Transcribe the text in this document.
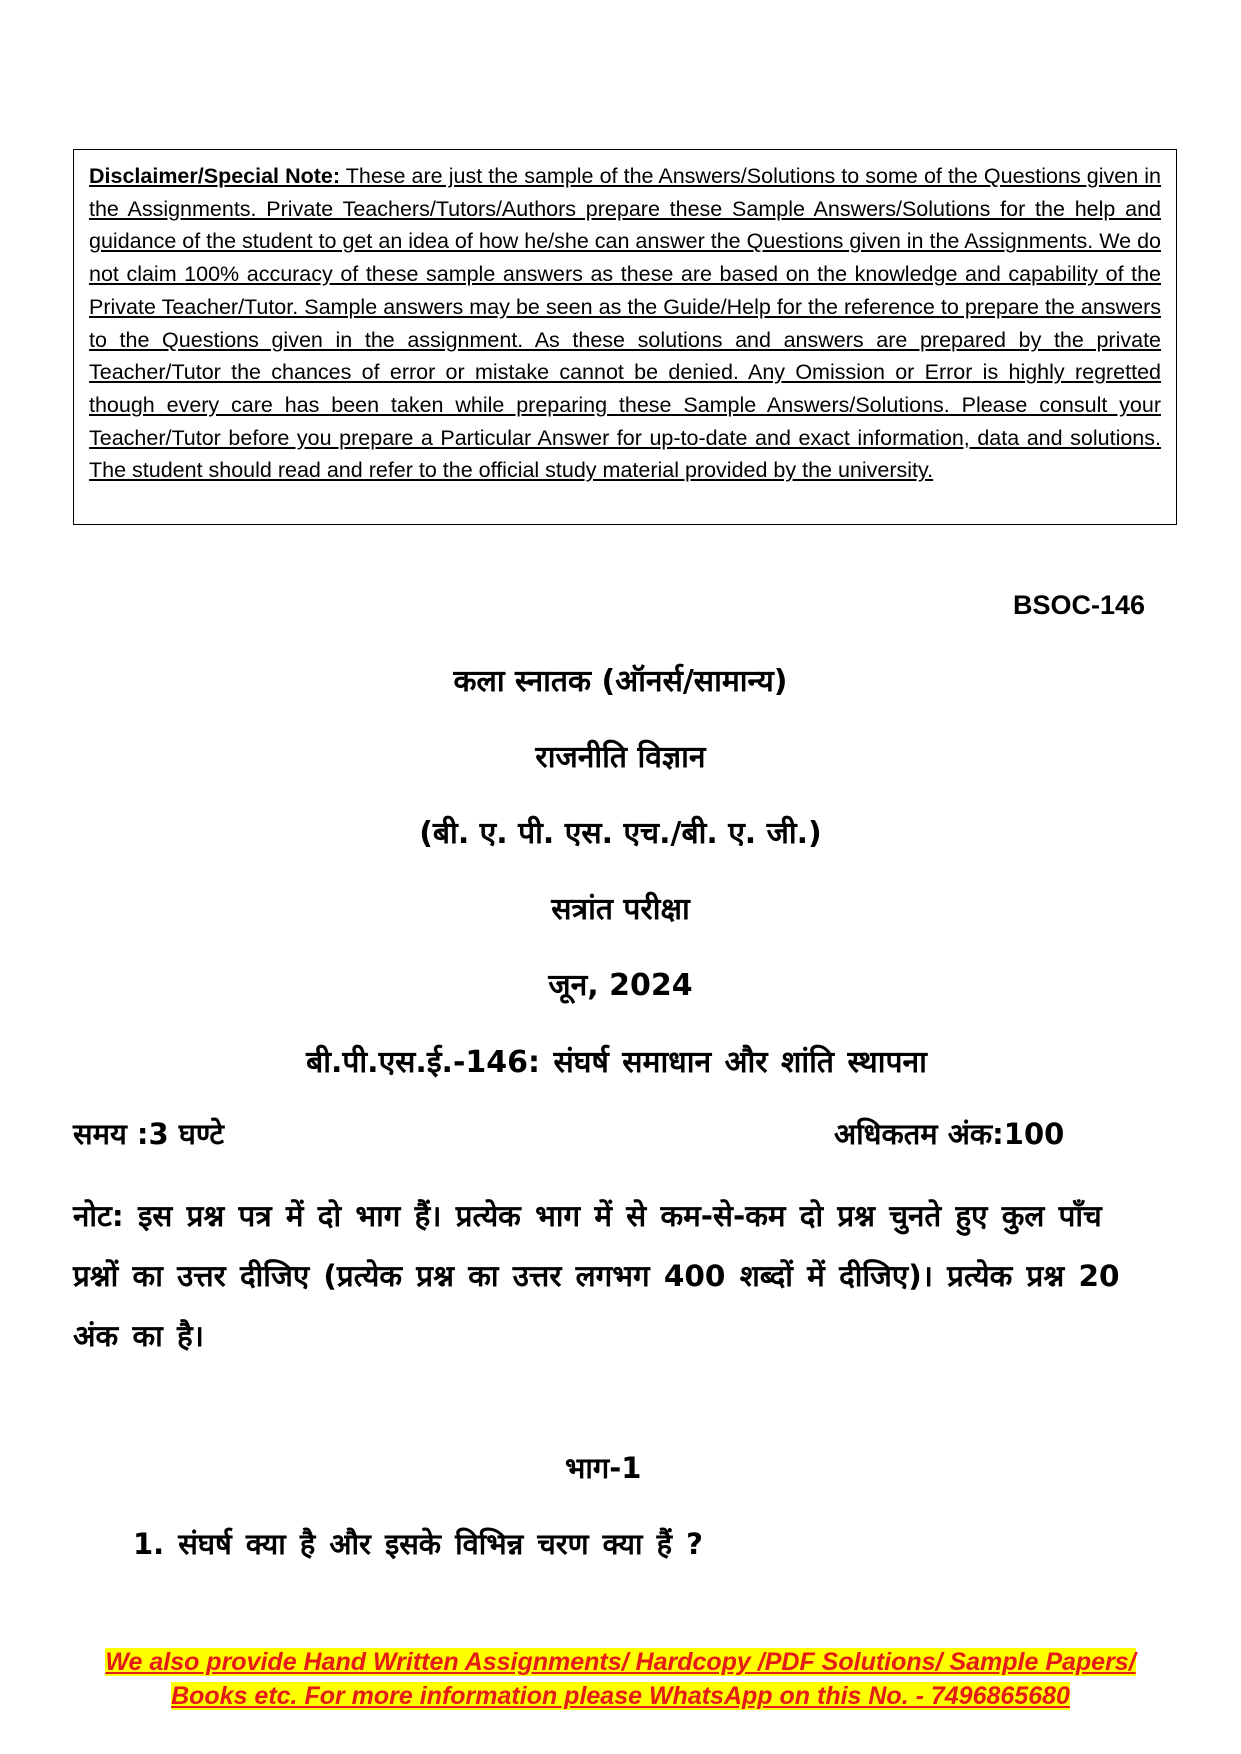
Disclaimer/Special Note: These are just the sample of the Answers/Solutions to some of the Questions given in the Assignments. Private Teachers/Tutors/Authors prepare these Sample Answers/Solutions for the help and guidance of the student to get an idea of how he/she can answer the Questions given in the Assignments. We do not claim 100% accuracy of these sample answers as these are based on the knowledge and capability of the Private Teacher/Tutor. Sample answers may be seen as the Guide/Help for the reference to prepare the answers to the Questions given in the assignment. As these solutions and answers are prepared by the private Teacher/Tutor the chances of error or mistake cannot be denied. Any Omission or Error is highly regretted though every care has been taken while preparing these Sample Answers/Solutions. Please consult your Teacher/Tutor before you prepare a Particular Answer for up-to-date and exact information, data and solutions. The student should read and refer to the official study material provided by the university.
BSOC-146
कला स्नातक (ऑनर्स/सामान्य)
राजनीति विज्ञान
(बी. ए. पी. एस. एच./बी. ए. जी.)
सत्रांत परीक्षा
जून, 2024
बी.पी.एस.ई.-146: संघर्ष समाधान और शांति स्थापना
समय :3 घण्टे	अधिकतम अंक:100
नोट: इस प्रश्न पत्र में दो भाग हैं। प्रत्येक भाग में से कम-से-कम दो प्रश्न चुनते हुए कुल पाँच प्रश्नों का उत्तर दीजिए (प्रत्येक प्रश्न का उत्तर लगभग 400 शब्दों में दीजिए)। प्रत्येक प्रश्न 20 अंक का है।
भाग-1
1. संघर्ष क्या है और इसके विभिन्न चरण क्या हैं ?
We also provide Hand Written Assignments/ Hardcopy /PDF Solutions/ Sample Papers/
Books etc. For more information please WhatsApp on this No. - 7496865680
